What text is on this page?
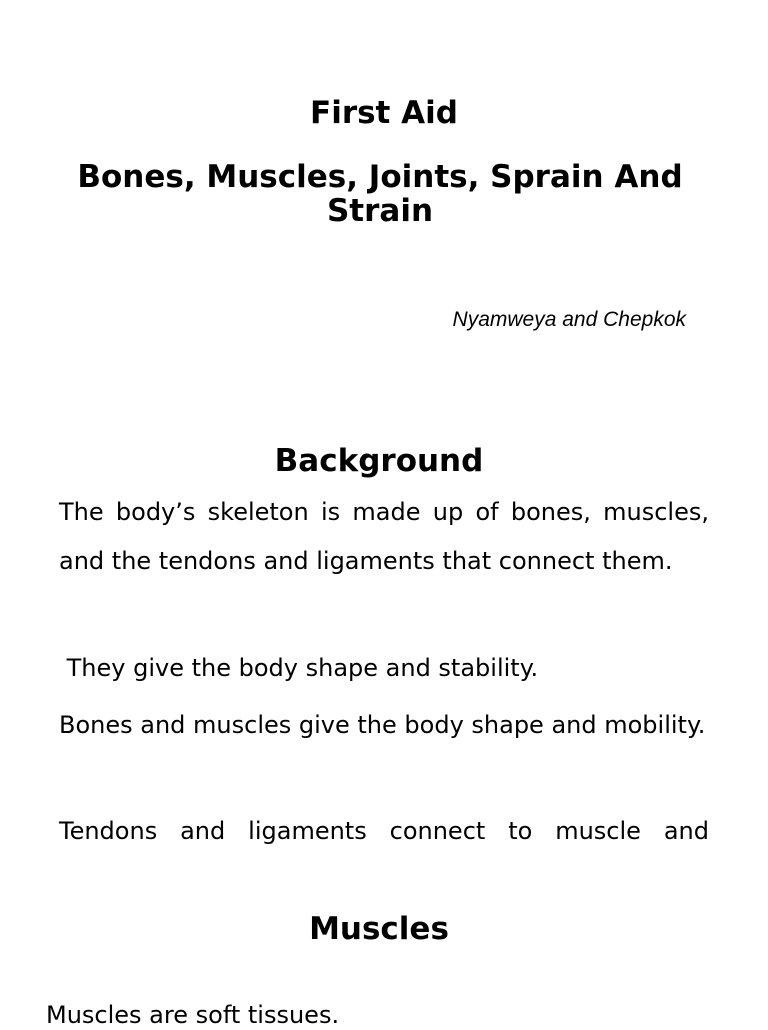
First Aid
Bones, Muscles, Joints, Sprain And Strain
Nyamweya and Chepkok
Background
The body’s skeleton is made up of bones, muscles, and the tendons and ligaments that connect them.
They give the body shape and stability.
Bones and muscles give the body shape and mobility.
Tendons and ligaments connect to muscle and
Muscles
Muscles are soft tissues.
